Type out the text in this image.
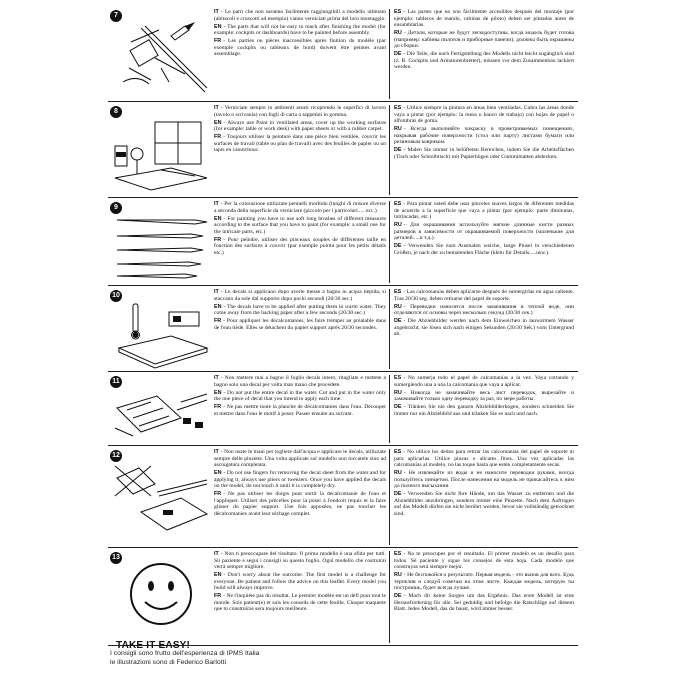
7	IT - Le parti che non saranno facilmente raggiungibili a modello ultimato (abitacoli e cruscotti ad esempio) vanno verniciati prima del loro montaggio.

EN - The parts that will not be easy to reach after finishing the model (for example: cockpits or dashboards) have to be painted before assembly.

FR - Les parties ou pièces inaccessibles après finition du modèle (par exemple cockpits ou tableaux de bord) doivent être peintes avant assemblage.

ES - Las partes que no son fácilmente accesibles después del montaje (por ejemplo: tableros de mando, cabinas de piloto) deben ser pintadas antes de ensamblarlas.

RU - Детали, которые не будут легкодоступны, когда модель будет готова (например: кабины пилотов и приборные панели), должны быть окрашены до сборки.

DE - Die Teile, die nach Fertigstellung des Modells nicht leicht zugänglich sind (z. B. Cockpits und Armaturenbretter), müssen vor dem Zusammenbau lackiert werden.

8	IT - Verniciate sempre in ambienti areati ricoprendo le superfici di lavoro (tavolo o scrivania) con fogli di carta o tappetini in gomma.

EN - Always use Paint in ventilated areas, cover up the working surfaces (for example: table or work desk) with paper sheets or with a rubber carpet.

FR - Toujours utiliser la peinture dans une pièce bien ventilée, couvrir les surfaces de travail (table ou plan de travail) avec des feuilles de papier ou un tapis en caoutchouc.

ES - Utilice siempre la pintura en áreas bien ventiladas. Cubra las áreas donde vaya a pintar (por ejemplo: la mesa o banco de trabajo) con hojas de papel o alfombras de goma.

RU - Всегда выполняйте покраску в проветриваемых помещениях, накрывая рабочие поверхности (стол или парту) листами бумаги или резиновым ковриком.

DE - Malen Sie immer in belüfteten Bereichen, indem Sie die Arbeitsflächen (Tisch oder Schreibtisch) mit Papierbögen oder Gummimatten abdecken.

9	IT - Per la colorazione utilizzate pennelli morbido (lunghi di misure diverse a seconda della superficie da verniciare (piccolo per i particolari..... ecc.)

EN - For painting you have to use soft long brushes of different measures according to the surface that you have to paint (for example: a small one for the intricate parts, etc.)

FR - Pour peindre, utiliser des pinceaux souples de différentes taille en fonction des surfaces à couvrir (par exemple pointu pour les petits détails etc.)

ES - Para pintar usted debe usar pinceles suaves largos de diferentes medidas de acuerdo a la superficie que vaya a pintar (por ejemplo: parte diminutas, intrincadas, etc.)

RU - Для окрашивания используйте мягкие длинные кисти разных размеров в зависимости от окрашиваемой поверхности (маленькие для деталей.....и т.д.).

DE - Verwenden Sie zum Ausmalen weiche, lange Pinsel in verschiedenen Größen, je nach der zu bemalenden Fläche (klein für Details.....usw.).

10	IT - Le decals si applicano dopo averle messe a bagno in acqua tiepida, si staccano da sole dal supporto dopo pochi secondi (20/30 sec.)

EN - The decals have to be applied after putting them in warm water. They come away from the backing paper after a few seconds (20/30 sec.)

FR - Pour appliquer les décalcomanies, les faire tremper au préalable dans de l'eau tiède. Elles se détachent du papier support après 20/30 secondes.

ES - Las calcomanías deben aplicarse después de sumergirlas en agua caliente. Tras 20/30 seg. deben retirarse del papel de soporte.

RU - Переводки наносятся после замачивания в теплой воде, они отделяются от основы через несколько секунд (20/30 сек.)

DE - Die Abziehbilder werden nach dem Einweichen in lauwarmem Wasser angebracht, sie lösen sich nach einigen Sekunden (20/30 Sek.) vom Untergrund ab.

11	IT - Non mettere mai a bagno il foglio decals intero, ritagliate e mettete a bagno solo una decal per volta man mano che procedete.

EN - Do not put the entire decal in the water. Cut and put in the water only the one piece of decal that you intend to apply each time.

FR - Ne pas mettre toute la planche de décalcomanies dans l'eau. Découper et mettre dans l'eau le motif à poser. Passer ensuite au suivant.

ES - No sumerja todo el papel de calcomanías a la vez. Vaya cortando y sumergiendo una a una la calcomanía que vaya a aplicar.

RU - Никогда не замачивайте весь лист переводок, вырезайте и замачивайте только одну переводку за раз, по мере работы.

DE - Tränken Sie nie den ganzen Abziehbilderbogen, sondern schneiden Sie immer nur ein Abziehbild aus und tränken Sie es nach und nach.

12	IT - Non usate le mani per togliere dall'acqua e applicare le decals, utilizzate sempre delle pinzette. Una volta applicate sul modello non toccatele sino ad asciugatura completata.

EN - Do not use fingers for removing the decal sheet from the water and for applying it, always use pliers or tweezers. Once you have applied the decals on the model, do not touch it until it is completely dry.

FR - Ne pas utiliser les doigts pour sortir la décalcomanie de l'eau et l'appliquer. Utiliser des précelles pour la poser à l'endroit requis et la faire glisser du papier support. Une fois apposées, ne pas toucher les décalcomanies avant leur séchage complet.

ES - No utilice los dedos para retirar las calcomanías del papel de soporte ni para aplicarlas. Utilice pinzas o alicates finos. Una vez aplicadas las calcomanías al modelo, no las toque hasta que estén completamente secas.

RU - Не извлекайте из воды и не наносите переводки руками, всегда пользуйтесь пинцетом. После нанесения на модель не прикасайтесь к ним до полного высыхания.

DE - Verwenden Sie nicht Ihre Hände, um das Wasser zu entfernen und die Abziehbilder anzubringen, sondern immer eine Pinzette. Nach dem Auftragen auf das Modell dürfen sie nicht berührt werden, bevor sie vollständig getrocknet sind.

13
TAKE IT EASY!

IT - Non ti preoccupare del risultato. Il primo modello è una sfida per tutti. Sii paziente e segui i consigli su questo foglio. Ogni modello che costruirai verrà sempre migliore.

EN - Don't worry about the outcome. The first model is a challenge for everyone. Be patient and follow the advice on this leaflet. Every model you build will always improve.

FR - Ne t'inquiète pas du résultat. Le premier modèle est un défi pour tout le monde. Sois patient(e) et suis les conseils de cette feuille. Chaque maquette que tu construiras sera toujours meilleure.

ES - No te preocupes por el resultado. El primer modelo es un desafío para todos. Sé paciente y sigue los consejos de esta hoja. Cada modelo que construyas será siempre mejor.

RU - Не беспокойся о результате. Первая модель - это вызов для всех. Будь терпелив и следуй советам на этом листе. Каждая модель, которую ты построишь, будет всегда лучше.

DE - Mach dir keine Sorgen um das Ergebnis. Das erste Modell ist eine Herausforderung für alle. Sei geduldig und befolge die Ratschläge auf diesem Blatt. Jedes Modell, das du baust, wird immer besser.

I consigli sono frutto dell'esperienza di IPMS Italia
le illustrazioni sono di Federico Barlotti
